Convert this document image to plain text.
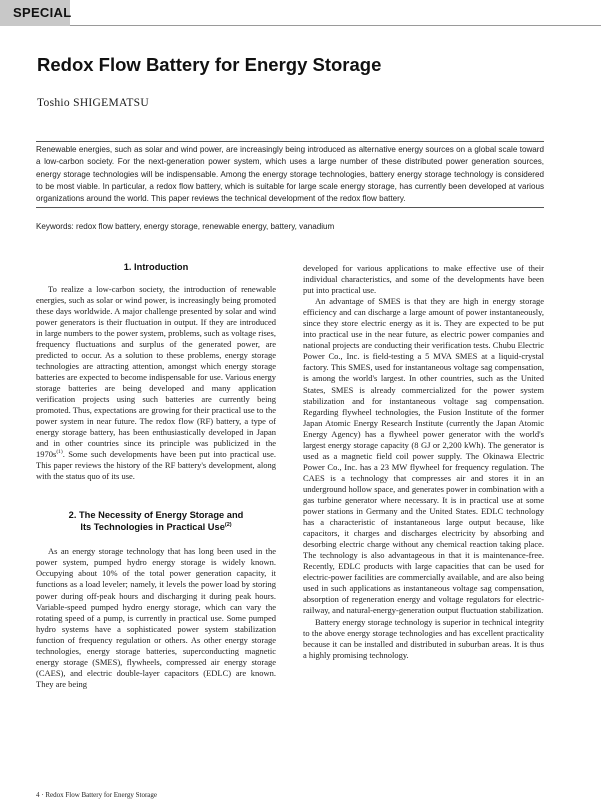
SPECIAL
Redox Flow Battery for Energy Storage
Toshio SHIGEMATSU

Renewable energies, such as solar and wind power, are increasingly being introduced as alternative energy sources on a global scale toward a low-carbon society. For the next-generation power system, which uses a large number of these distributed power generation sources, energy storage technologies will be indispensable. Among the energy storage technologies, battery energy storage technology is considered to be most viable. In particular, a redox flow battery, which is suitable for large scale energy storage, has currently been developed at various organizations around the world. This paper reviews the technical development of the redox flow battery.

Keywords: redox flow battery, energy storage, renewable energy, battery, vanadium
1. Introduction

To realize a low-carbon society, the introduction of renewable energies, such as solar or wind power, is increasingly being promoted these days worldwide. A major challenge presented by solar and wind power generators is their fluctuation in output. If they are introduced in large numbers to the power system, problems, such as voltage rises, frequency fluctuations and surplus of the generated power, are predicted to occur. As a solution to these problems, energy storage technologies are attracting attention, amongst which energy storage batteries are expected to become indispensable for use. Various energy storage batteries are being developed and many application verification projects using such batteries are currently being promoted. Thus, expectations are growing for their practical use to the power system in near future. The redox flow (RF) battery, a type of energy storage battery, has been enthusiastically developed in Japan and in other countries since its principle was publicized in the $1970s^{(1)}$. Some such developments have been put into practical use. This paper reviews the history of the RF battery's development, along with the status quo of its use.

2. The Necessity of Energy Storage and
Its Technologies in Practical Use$^{(2)}$

As an energy storage technology that has long been used in the power system, pumped hydro energy storage is widely known. Occupying about 10% of the total power generation capacity, it functions as a load leveler; namely, it levels the power load by storing power during off-peak hours and discharging it during peak hours. Variable-speed pumped hydro energy storage, which can vary the rotating speed of a pump, is currently in practical use. Some pumped hydro systems have a sophisticated power system stabilization function of frequency regulation or others. As other energy storage technologies, energy storage batteries, superconducting magnetic energy storage (SMES), flywheels, compressed air energy storage (CAES), and electric double-layer capacitors (EDLC) are known. They are being

developed for various applications to make effective use of their individual characteristics, and some of the developments have been put into practical use.

An advantage of SMES is that they are high in energy storage efficiency and can discharge a large amount of power instantaneously, since they store electric energy as it is. They are expected to be put into practical use in the near future, as electric power companies and national projects are conducting their verification tests. Chubu Electric Power Co., Inc. is field-testing a 5 MVA SMES at a liquid-crystal factory. This SMES, used for instantaneous voltage sag compensation, is among the world's largest. In other countries, such as the United States, SMES is already commercialized for the power system stabilization and for instantaneous voltage sag compensation. Regarding flywheel technologies, the Fusion Institute of the former Japan Atomic Energy Research Institute (currently the Japan Atomic Energy Agency) has a flywheel power generator with the world's largest energy storage capacity (8 GJ or 2,200 kWh). The generator is used as a magnetic field coil power supply. The Okinawa Electric Power Co., Inc. has a 23 MW flywheel for frequency regulation. The CAES is a technology that compresses air and stores it in an underground hollow space, and generates power in combination with a gas turbine generator where necessary. It is in practical use at some power stations in Germany and the United States. EDLC technology has a characteristic of instantaneous large output because, like capacitors, it charges and discharges electricity by absorbing and desorbing electric charge without any chemical reaction taking place. The technology is also advantageous in that it is maintenance-free. Recently, EDLC products with large capacities that can be used for electric-power facilities are commercially available, and are also being used in such applications as instantaneous voltage sag compensation, absorption of regeneration energy and voltage regulators for electric-railway, and natural-energy-generation output fluctuation stabilization.

Battery energy storage technology is superior in technical integrity to the above energy storage technologies and has excellent practicality because it can be installed and distributed in suburban areas. It is thus a highly promising technology.

4 · Redox Flow Battery for Energy Storage
